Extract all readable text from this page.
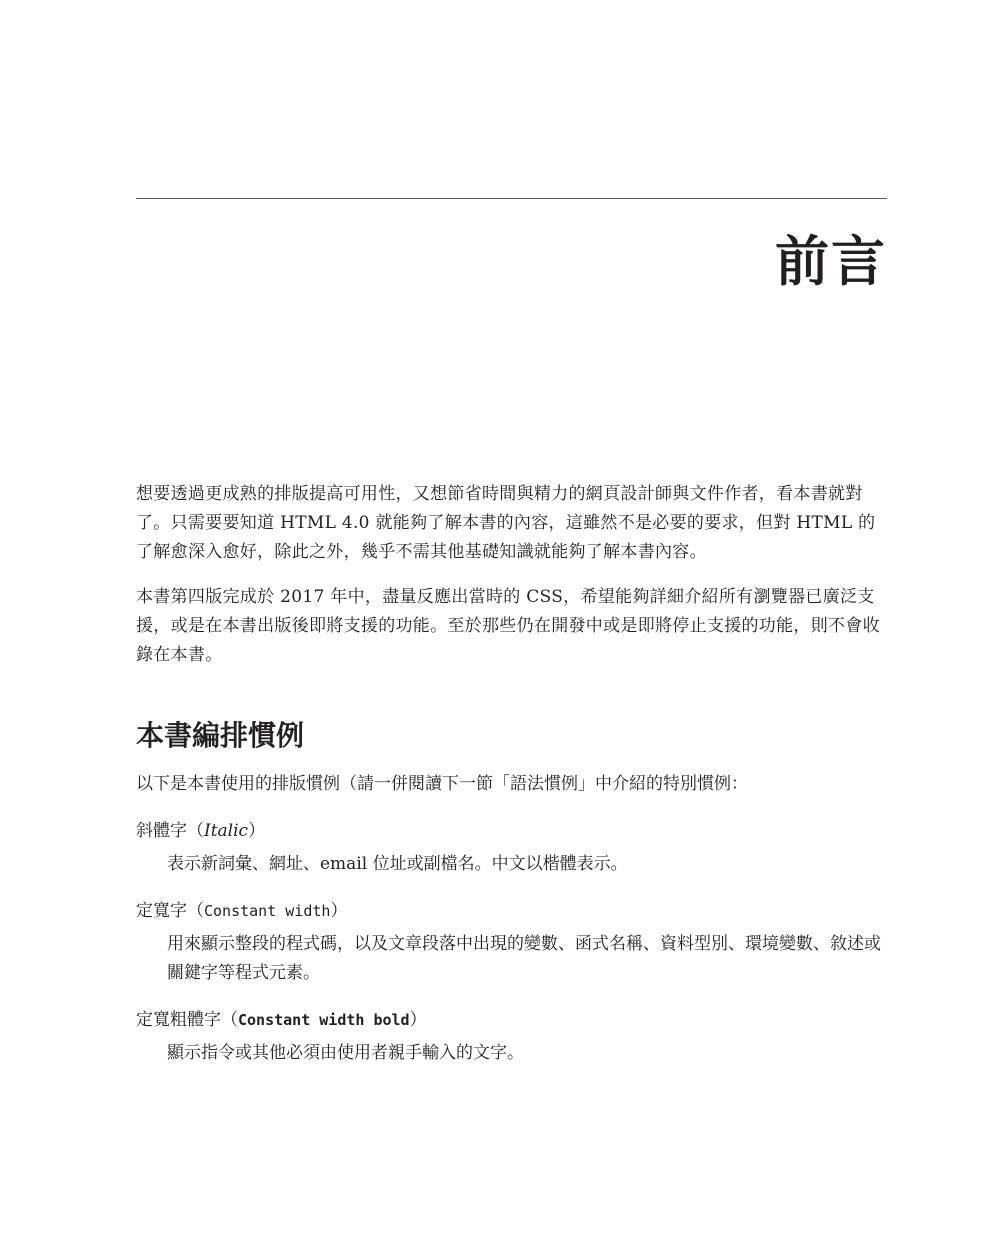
前言

想要透過更成熟的排版提高可用性，又想節省時間與精力的網頁設計師與文件作者，看本書就對了。只需要要知道 HTML 4.0 就能夠了解本書的內容，這雖然不是必要的要求，但對 HTML 的了解愈深入愈好，除此之外，幾乎不需其他基礎知識就能夠了解本書內容。

本書第四版完成於 2017 年中，盡量反應出當時的 CSS，希望能夠詳細介紹所有瀏覽器已廣泛支援，或是在本書出版後即將支援的功能。至於那些仍在開發中或是即將停止支援的功能，則不會收錄在本書。

本書編排慣例

以下是本書使用的排版慣例（請一併閱讀下一節「語法慣例」中介紹的特別慣例：

斜體字（Italic）

表示新詞彙、網址、email 位址或副檔名。中文以楷體表示。

定寬字（Constant width）

用來顯示整段的程式碼，以及文章段落中出現的變數、函式名稱、資料型別、環境變數、敘述或關鍵字等程式元素。

定寬粗體字（Constant width bold）

顯示指令或其他必須由使用者親手輸入的文字。
